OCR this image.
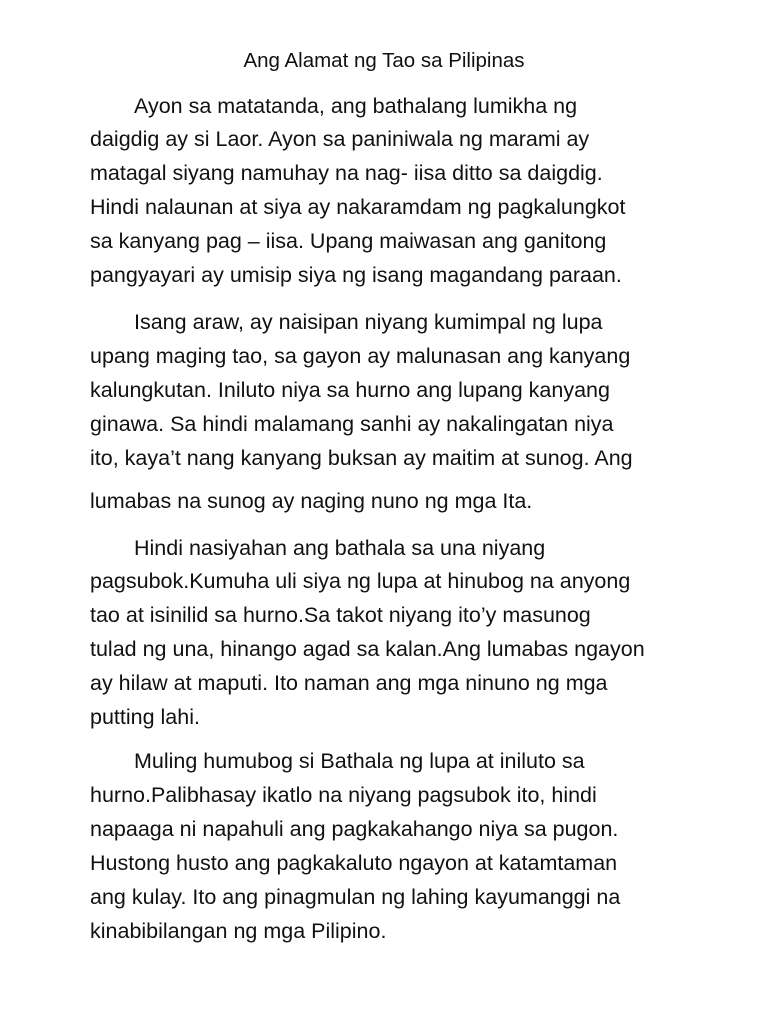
Ang Alamat ng Tao sa Pilipinas
Ayon sa matatanda, ang bathalang lumikha ng
daigdig ay si Laor. Ayon sa paniniwala ng marami ay
matagal siyang namuhay na nag- iisa ditto sa daigdig.
Hindi nalaunan at siya ay nakaramdam ng pagkalungkot
sa kanyang pag – iisa. Upang maiwasan ang ganitong
pangyayari ay umisip siya ng isang magandang paraan.
Isang araw, ay naisipan niyang kumimpal ng lupa
upang maging tao, sa gayon ay malunasan ang kanyang
kalungkutan. Iniluto niya sa hurno ang lupang kanyang
ginawa. Sa hindi malamang sanhi ay nakalingatan niya
ito, kaya’t nang kanyang buksan ay maitim at sunog. Ang
lumabas na sunog ay naging nuno ng mga Ita.
Hindi nasiyahan ang bathala sa una niyang
pagsubok.Kumuha uli siya ng lupa at hinubog na anyong
tao at isinilid sa hurno.Sa takot niyang ito’y masunog
tulad ng una, hinango agad sa kalan.Ang lumabas ngayon
ay hilaw at maputi. Ito naman ang mga ninuno ng mga
putting lahi.
Muling humubog si Bathala ng lupa at iniluto sa
hurno.Palibhasay ikatlo na niyang pagsubok ito, hindi
napaaga ni napahuli ang pagkakahango niya sa pugon.
Hustong husto ang pagkakaluto ngayon at katamtaman
ang kulay. Ito ang pinagmulan ng lahing kayumanggi na
kinabibilangan ng mga Pilipino.
